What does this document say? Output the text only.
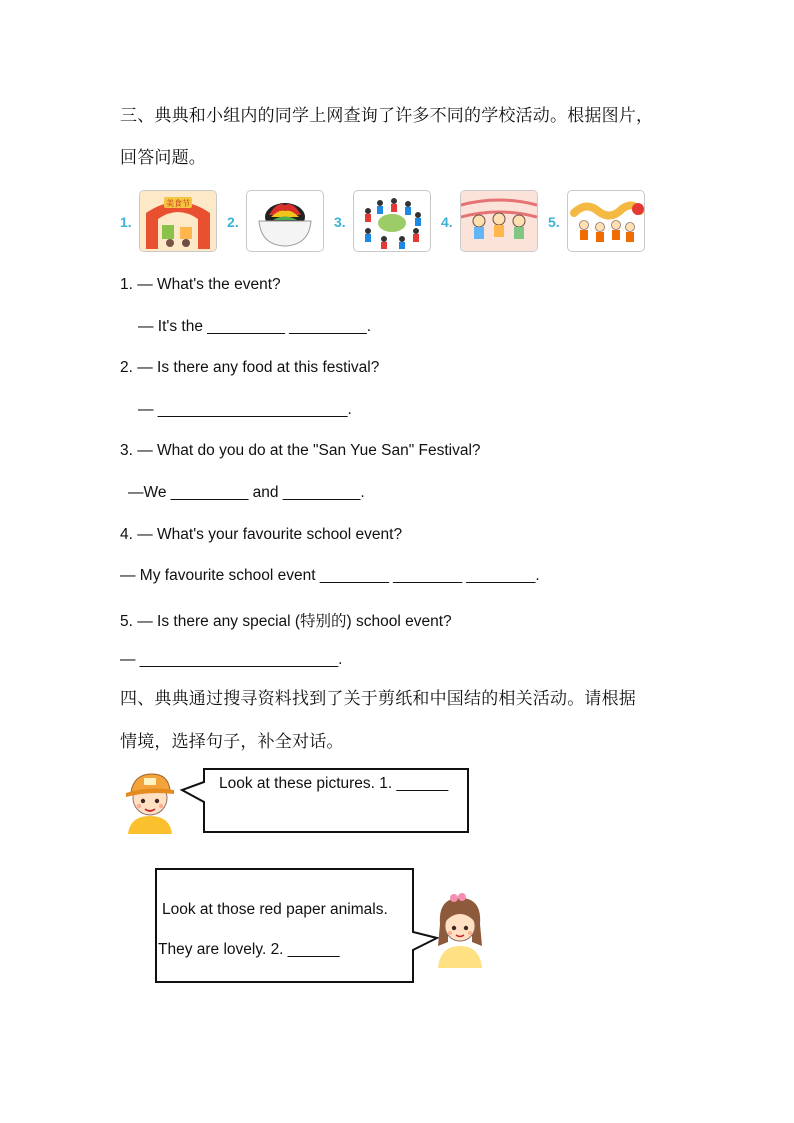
三、典典和小组内的同学上网查询了许多不同的学校活动。根据图片，
回答问题。
1.
美食节
2.	3.	4.	5.
1. — What's the event?
— It's the _________ _________.
2. — Is there any food at this festival?
— ______________________.
3. — What do you do at the "San Yue San" Festival?
—We _________ and _________.
4. — What's your favourite school event?
— My favourite school event ________ ________ ________.
5. — Is there any special (特别的) school event?
— _______________________.
四、典典通过搜寻资料找到了关于剪纸和中国结的相关活动。请根据
情境，选择句子，补全对话。
Look at these pictures. 1. ______
Look at those red paper animals.
They are lovely. 2. ______
